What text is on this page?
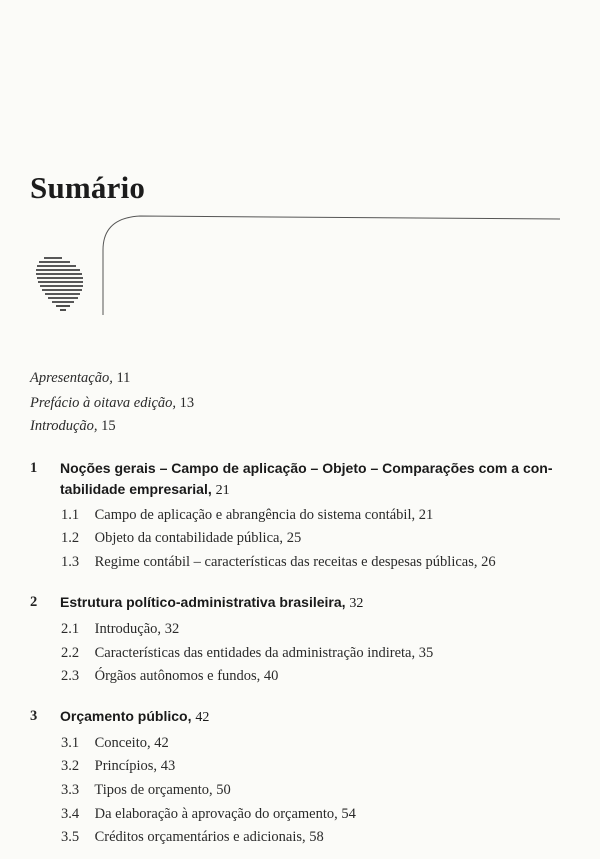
Sumário
Apresentação, 11
Prefácio à oitava edição, 13
Introdução, 15
1 Noções gerais – Campo de aplicação – Objeto – Comparações com a con-
tabilidade empresarial, 21
1.1 Campo de aplicação e abrangência do sistema contábil, 21
1.2 Objeto da contabilidade pública, 25
1.3 Regime contábil – características das receitas e despesas públicas, 26
2 Estrutura político-administrativa brasileira, 32
2.1 Introdução, 32
2.2 Características das entidades da administração indireta, 35
2.3 Órgãos autônomos e fundos, 40
3 Orçamento público, 42
3.1 Conceito, 42
3.2 Princípios, 43
3.3 Tipos de orçamento, 50
3.4 Da elaboração à aprovação do orçamento, 54
3.5 Créditos orçamentários e adicionais, 58
